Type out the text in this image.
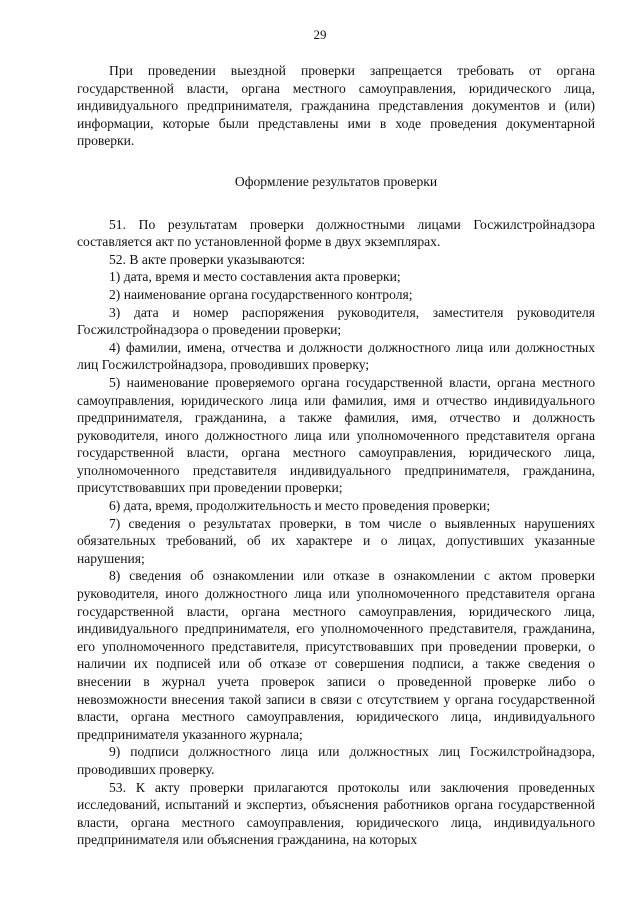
29

При проведении выездной проверки запрещается требовать от органа государственной власти, органа местного самоуправления, юридического лица, индивидуального предпринимателя, гражданина представления документов и (или) информации, которые были представлены ими в ходе проведения документарной проверки.

Оформление результатов проверки

51. По результатам проверки должностными лицами Госжилстройнадзора составляется акт по установленной форме в двух экземплярах.

52. В акте проверки указываются:

1) дата, время и место составления акта проверки;

2) наименование органа государственного контроля;

3) дата и номер распоряжения руководителя, заместителя руководителя Госжилстройнадзора о проведении проверки;

4) фамилии, имена, отчества и должности должностного лица или должностных лиц Госжилстройнадзора, проводивших проверку;

5) наименование проверяемого органа государственной власти, органа местного самоуправления, юридического лица или фамилия, имя и отчество индивидуального предпринимателя, гражданина, а также фамилия, имя, отчество и должность руководителя, иного должностного лица или уполномоченного представителя органа государственной власти, органа местного самоуправления, юридического лица, уполномоченного представителя индивидуального предпринимателя, гражданина, присутствовавших при проведении проверки;

6) дата, время, продолжительность и место проведения проверки;

7) сведения о результатах проверки, в том числе о выявленных нарушениях обязательных требований, об их характере и о лицах, допустивших указанные нарушения;

8) сведения об ознакомлении или отказе в ознакомлении с актом проверки руководителя, иного должностного лица или уполномоченного представителя органа государственной власти, органа местного самоуправления, юридического лица, индивидуального предпринимателя, его уполномоченного представителя, гражданина, его уполномоченного представителя, присутствовавших при проведении проверки, о наличии их подписей или об отказе от совершения подписи, а также сведения о внесении в журнал учета проверок записи о проведенной проверке либо о невозможности внесения такой записи в связи с отсутствием у органа государственной власти, органа местного самоуправления, юридического лица, индивидуального предпринимателя указанного журнала;

9) подписи должностного лица или должностных лиц Госжилстройнадзора, проводивших проверку.

53. К акту проверки прилагаются протоколы или заключения проведенных исследований, испытаний и экспертиз, объяснения работников органа государственной власти, органа местного самоуправления, юридического лица, индивидуального предпринимателя или объяснения гражданина, на которых
